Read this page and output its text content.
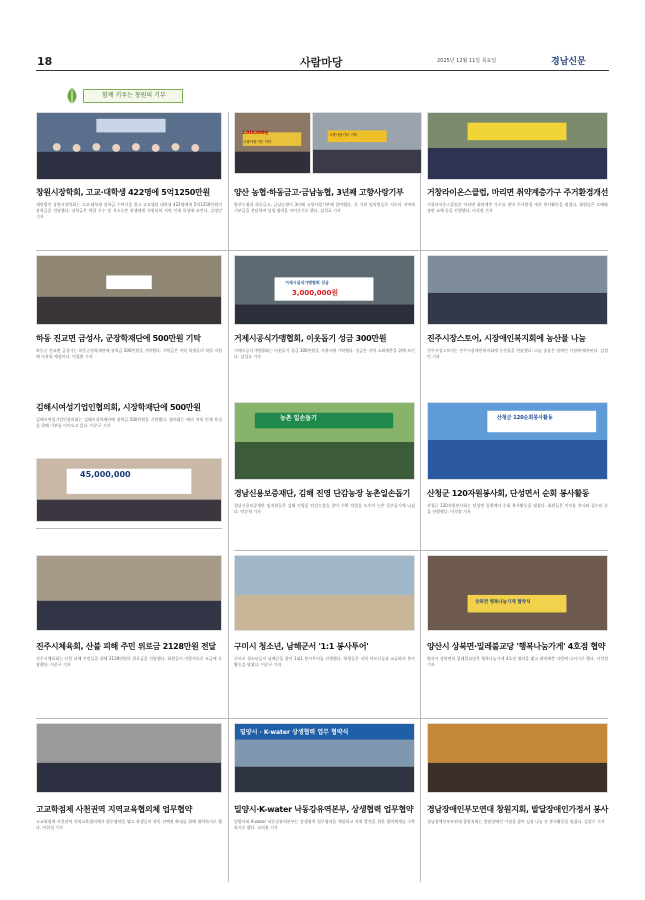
18	사람마당	2025년 12월 11일 목요일	경남신문
함께 키우는 창원의 기부
1,010,000원
고향사랑기부 기탁
고향사랑기부 기탁
창원시장학회, 고교·대학생 422명에 5억1250만원	양산 농협·하동금고·금남농협, 3년째 고향사랑기부	거창라이온스클럽, 마리면 취약계층가구 주거환경개선
재단법인 창원시장학회는 고교·대학생 장학금 수여식을 열고 고교생과 대학생 422명에게 5억1250만원의 장학금을 전달했다. 장학금은 학업 우수 및 저소득층 학생에게 지원되며 지역 인재 육성에 쓰인다. 김정민 기자
양산농협과 하동금고, 금남농협이 3년째 고향사랑기부에 참여했다. 각 기관 임직원들은 서로의 지역에 기부금을 전달하며 상생 협력을 이어가기로 했다. 김석호 기자
거창라이온스클럽은 마리면 취약계층 가구를 찾아 주거환경 개선 봉사활동을 펼쳤다. 회원들은 도배와 장판 교체 등을 진행했다. 이석정 기자
거제시실식가맹협회 성금
3,000,000원
하동 진교면 금성사, 군장학재단에 500만원 기탁	거제시공식가맹협회, 이웃돕기 성금 300만원	진주시장스토어, 시장애인복지회에 농산물 나눔
하동군 진교면 금성사는 하동군장학재단에 장학금 500만원을 기탁했다. 기탁금은 지역 학생들의 학업 지원에 사용될 예정이다. 이철환 기자
거제시공식가맹협회는 이웃돕기 성금 300만원을 거제시에 기탁했다. 성금은 지역 소외계층을 위해 쓰인다. 김성호 기자
진주시장스토어는 진주시장애인복지회에 농산물을 전달했다. 나눔 물품은 장애인 가정에 배부된다. 김정민 기자
김해시여성기업인협의회, 시장학재단에 500만원
김해시여성기업인협의회는 김해시장학재단에 장학금 500만원을 기탁했다. 협의회는 매년 지역 인재 육성을 위해 기부를 이어오고 있다. 이준구 기자
45,000,000
농촌 일손돕기	산청군 120순회봉사활동
경남신용보증재단, 김해 진영 단감농장 농촌일손돕기 산청군 120자원봉사회, 단성면서 순회 봉사활동
경남신용보증재단 임직원들은 김해 진영읍 단감농장을 찾아 수확 작업을 도우며 농촌 일손돕기에 나섰다. 박준혁 기자
산청군 120자원봉사회는 단성면 일원에서 순회 봉사활동을 펼쳤다. 회원들은 이미용 봉사와 집수리 등을 진행했다. 이석정 기자
상북면 행복나눔가게 협약식
진주시체육회, 산불 피해 주민 위로금 2128만원 전달 구미시 청소년, 남해군서 '1:1 봉사투어'	양산시 상북면·밀레불교당 '행복나눔가게' 4호점 협약
진주시체육회는 산불 피해 주민들을 위해 2128만원의 위로금을 전달했다. 회원들이 자발적으로 모금에 동참했다. 이준구 기자
구미시 청소년들이 남해군을 찾아 1대1 봉사투어를 진행했다. 학생들은 지역 어르신들과 교류하며 봉사활동을 펼쳤다. 이준구 기자
양산시 상북면과 밀레불교당은 행복나눔가게 4호점 협약을 맺고 취약계층 지원에 나서기로 했다. 이석정 기자
밀양시 · K-water 상생협력 업무 협약식
고교학점제 사천권역 지역교육협의체 업무협약	밀양시·K-water 낙동강유역본부, 상생협력 업무협약 경남장애인부모연대 창원지회, 발달장애인가정서 봉사
고교학점제 사천권역 지역교육협의체가 업무협약을 맺고 학생들의 과목 선택권 확대를 위해 협력하기로 했다. 이한성 기자
밀양시와 K-water 낙동강유역본부는 상생협력 업무협약을 체결하고 지역 발전을 위한 협력체계를 구축하기로 했다. 고비용 기자
경남장애인부모연대 창원지회는 발달장애인 가정을 찾아 김장 나눔 등 봉사활동을 펼쳤다. 김상수 기자
